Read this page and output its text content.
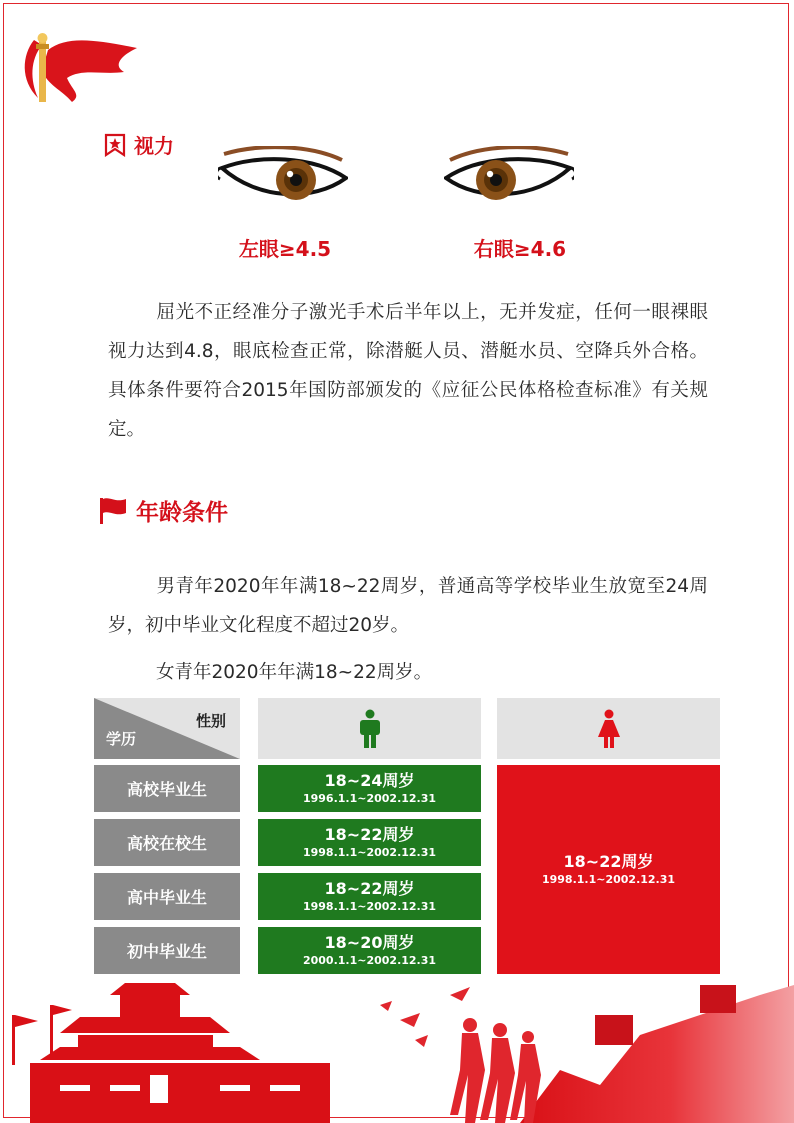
视力
左眼≥4.5	右眼≥4.6
屈光不正经准分子激光手术后半年以上，无并发症，任何一眼裸眼视力达到4.8，眼底检查正常，除潜艇人员、潜艇水员、空降兵外合格。具体条件要符合2015年国防部颁发的《应征公民体格检查标准》有关规定。
年龄条件
男青年2020年年满18~22周岁，普通高等学校毕业生放宽至24周岁，初中毕业文化程度不超过20岁。
女青年2020年年满18~22周岁。
性别
学历
高校毕业生	18~24周岁
1996.1.1~2002.12.31
高校在校生	18~22周岁
1998.1.1~2002.12.31
高中毕业生	18~22周岁
1998.1.1~2002.12.31
初中毕业生	18~20周岁
2000.1.1~2002.12.31
18~22周岁
1998.1.1~2002.12.31
